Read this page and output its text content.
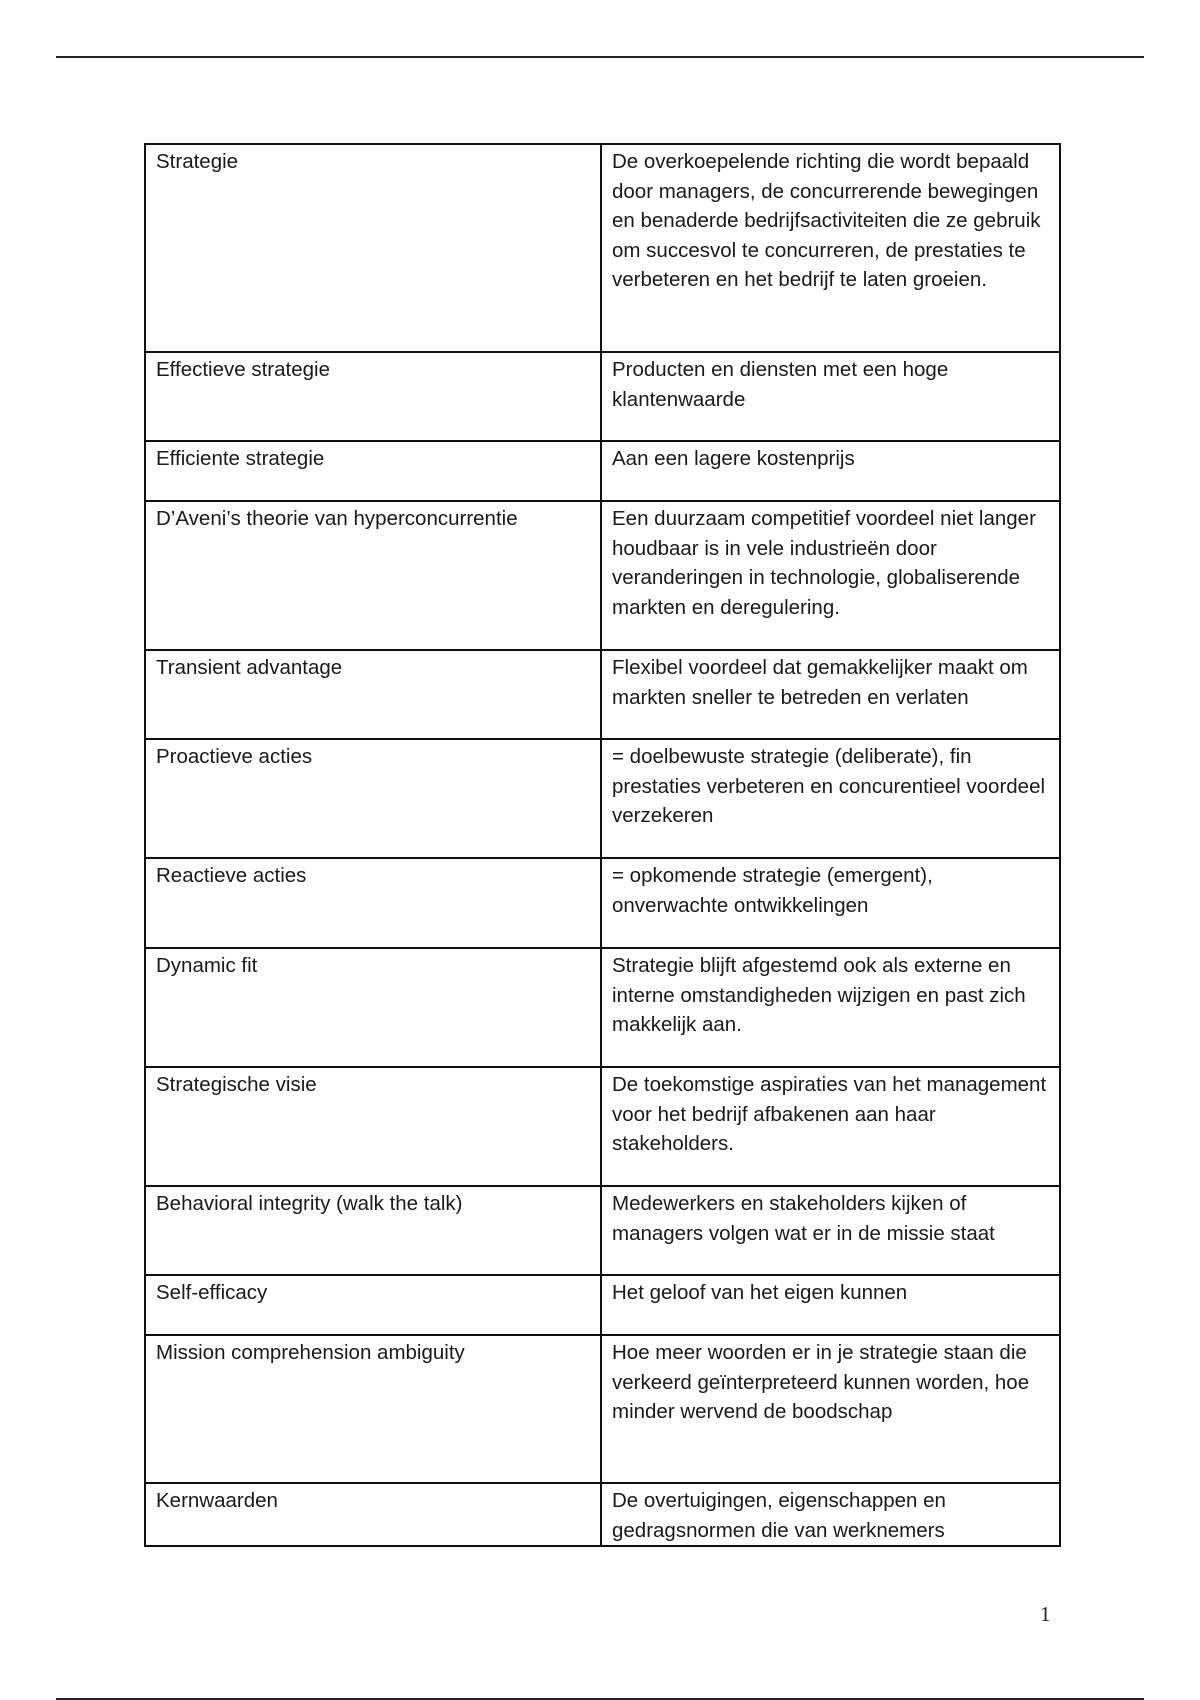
Strategie	De overkoepelende richting die wordt bepaald door managers, de concurrerende bewegingen en benaderde bedrijfsactiviteiten die ze gebruik om succesvol te concurreren, de prestaties te verbeteren en het bedrijf te laten groeien.
Effectieve strategie	Producten en diensten met een hoge klantenwaarde
Efficiente strategie	Aan een lagere kostenprijs
D’Aveni’s theorie van hyperconcurrentie	Een duurzaam competitief voordeel niet langer houdbaar is in vele industrieën door veranderingen in technologie, globaliserende markten en deregulering.
Transient advantage	Flexibel voordeel dat gemakkelijker maakt om markten sneller te betreden en verlaten
Proactieve acties	= doelbewuste strategie (deliberate), fin prestaties verbeteren en concurentieel voordeel verzekeren
Reactieve acties	= opkomende strategie (emergent), onverwachte ontwikkelingen
Dynamic fit	Strategie blijft afgestemd ook als externe en interne omstandigheden wijzigen en past zich makkelijk aan.
Strategische visie	De toekomstige aspiraties van het management voor het bedrijf afbakenen aan haar stakeholders.
Behavioral integrity (walk the talk)	Medewerkers en stakeholders kijken of managers volgen wat er in de missie staat
Self-efficacy	Het geloof van het eigen kunnen
Mission comprehension ambiguity	Hoe meer woorden er in je strategie staan die verkeerd geïnterpreteerd kunnen worden, hoe minder wervend de boodschap
Kernwaarden	De overtuigingen, eigenschappen en gedragsnormen die van werknemers
1
